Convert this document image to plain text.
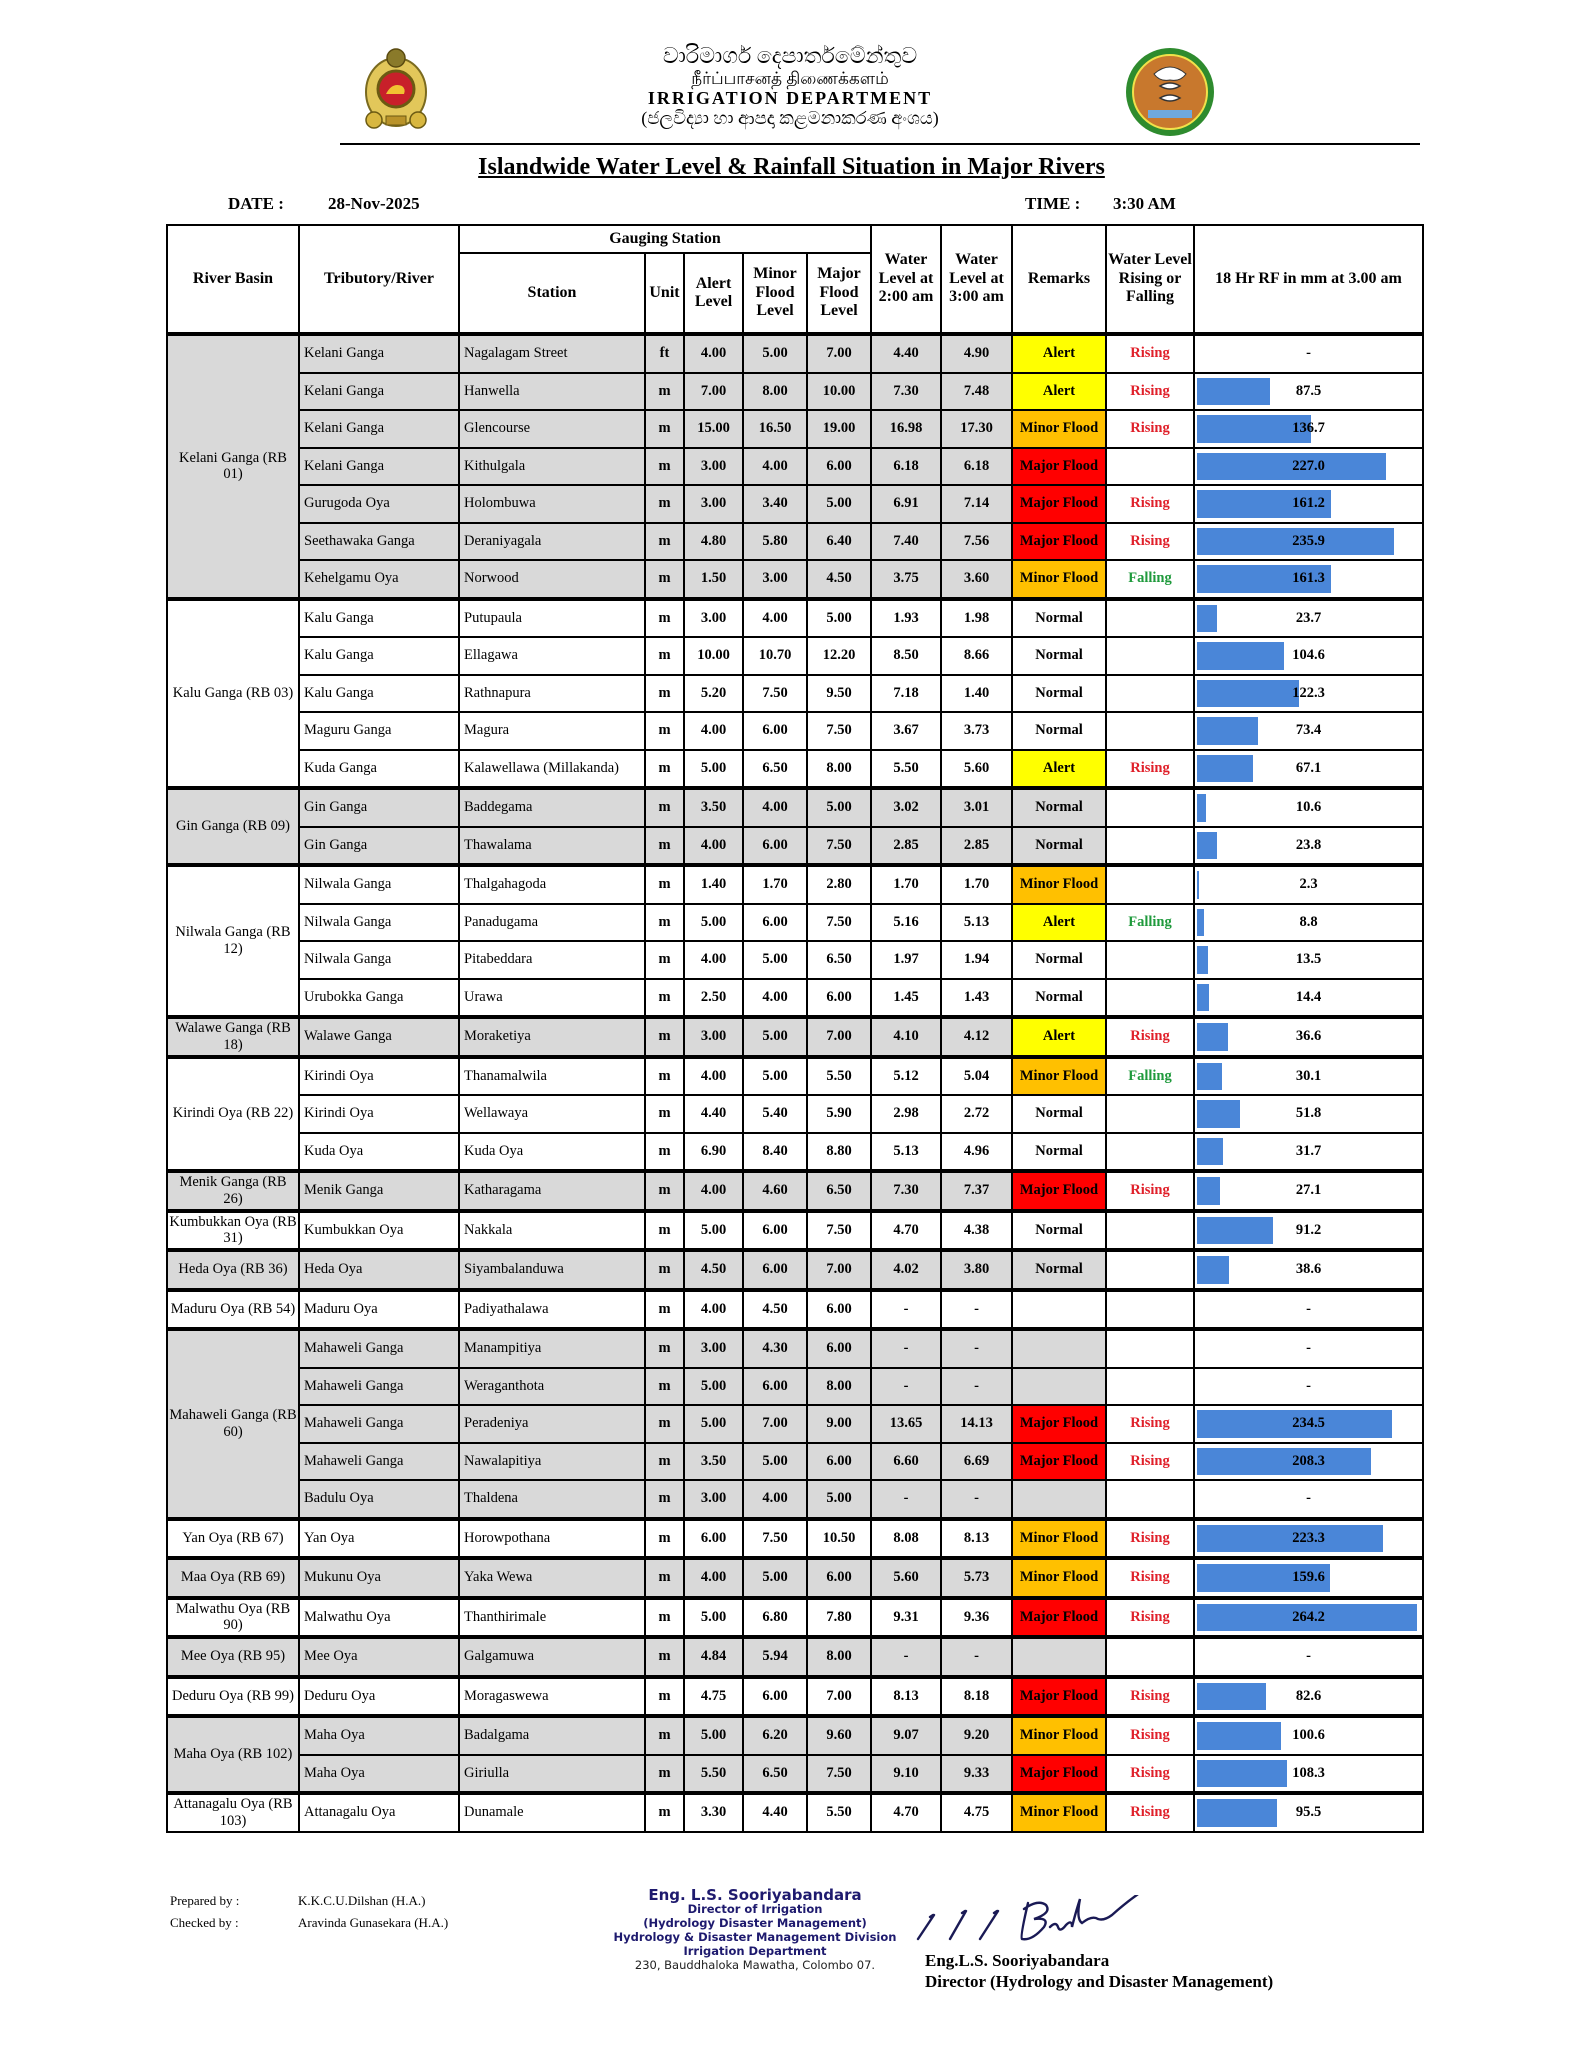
වාරිමාර්ග දෙපාර්තමේන්තුව
நீர்ப்பாசனத் திணைக்களம்
IRRIGATION DEPARTMENT
(ජලවිද්‍යා හා ආපදා කළමනාකරණ අංශය)
Islandwide Water Level & Rainfall Situation in Major Rivers
DATE :	28-Nov-2025	TIME : 3:30 AM
River Basin	Tributory/River	Gauging Station					Water Level at 2:00 am	Water Level at 3:00 am	Remarks	Water Level Rising or Falling	18 Hr RF in mm at 3.00 am
		Station	Unit	Alert Level	Minor Flood Level	Major Flood Level					
Kelani Ganga (RB 01)	Kelani Ganga	Nagalagam Street	ft	4.00	5.00	7.00	4.40	4.90	Alert	Rising	-
	Kelani Ganga	Hanwella	m	7.00	8.00	10.00	7.30	7.48	Alert	Rising	87.5
	Kelani Ganga	Glencourse	m	15.00	16.50	19.00	16.98	17.30	Minor Flood	Rising	136.7
	Kelani Ganga	Kithulgala	m	3.00	4.00	6.00	6.18	6.18	Major Flood		227.0
	Gurugoda Oya	Holombuwa	m	3.00	3.40	5.00	6.91	7.14	Major Flood	Rising	161.2
	Seethawaka Ganga	Deraniyagala	m	4.80	5.80	6.40	7.40	7.56	Major Flood	Rising	235.9
	Kehelgamu Oya	Norwood	m	1.50	3.00	4.50	3.75	3.60	Minor Flood	Falling	161.3
Kalu Ganga (RB 03)	Kalu Ganga	Putupaula	m	3.00	4.00	5.00	1.93	1.98	Normal		23.7
	Kalu Ganga	Ellagawa	m	10.00	10.70	12.20	8.50	8.66	Normal		104.6
	Kalu Ganga	Rathnapura	m	5.20	7.50	9.50	7.18	1.40	Normal		122.3
	Maguru Ganga	Magura	m	4.00	6.00	7.50	3.67	3.73	Normal		73.4
	Kuda Ganga	Kalawellawa (Millakanda)	m	5.00	6.50	8.00	5.50	5.60	Alert	Rising	67.1
Gin Ganga (RB 09)	Gin Ganga	Baddegama	m	3.50	4.00	5.00	3.02	3.01	Normal		10.6
	Gin Ganga	Thawalama	m	4.00	6.00	7.50	2.85	2.85	Normal		23.8
Nilwala Ganga (RB 12)	Nilwala Ganga	Thalgahagoda	m	1.40	1.70	2.80	1.70	1.70	Minor Flood		2.3
	Nilwala Ganga	Panadugama	m	5.00	6.00	7.50	5.16	5.13	Alert	Falling	8.8
	Nilwala Ganga	Pitabeddara	m	4.00	5.00	6.50	1.97	1.94	Normal		13.5
	Urubokka Ganga	Urawa	m	2.50	4.00	6.00	1.45	1.43	Normal		14.4
Walawe Ganga (RB 18)	Walawe Ganga	Moraketiya	m	3.00	5.00	7.00	4.10	4.12	Alert	Rising	36.6
Kirindi Oya (RB 22)	Kirindi Oya	Thanamalwila	m	4.00	5.00	5.50	5.12	5.04	Minor Flood	Falling	30.1
	Kirindi Oya	Wellawaya	m	4.40	5.40	5.90	2.98	2.72	Normal		51.8
	Kuda Oya	Kuda Oya	m	6.90	8.40	8.80	5.13	4.96	Normal		31.7
Menik Ganga (RB 26)	Menik Ganga	Katharagama	m	4.00	4.60	6.50	7.30	7.37	Major Flood	Rising	27.1
Kumbukkan Oya (RB 31)	Kumbukkan Oya	Nakkala	m	5.00	6.00	7.50	4.70	4.38	Normal		91.2
Heda Oya (RB 36)	Heda Oya	Siyambalanduwa	m	4.50	6.00	7.00	4.02	3.80	Normal		38.6
Maduru Oya (RB 54)	Maduru Oya	Padiyathalawa	m	4.00	4.50	6.00	-	-			-
Mahaweli Ganga (RB 60)	Mahaweli Ganga	Manampitiya	m	3.00	4.30	6.00	-	-			-
	Mahaweli Ganga	Weraganthota	m	5.00	6.00	8.00	-	-			-
	Mahaweli Ganga	Peradeniya	m	5.00	7.00	9.00	13.65	14.13	Major Flood	Rising	234.5
	Mahaweli Ganga	Nawalapitiya	m	3.50	5.00	6.00	6.60	6.69	Major Flood	Rising	208.3
	Badulu Oya	Thaldena	m	3.00	4.00	5.00	-	-			-
Yan Oya (RB 67)	Yan Oya	Horowpothana	m	6.00	7.50	10.50	8.08	8.13	Minor Flood	Rising	223.3
Maa Oya (RB 69)	Mukunu Oya	Yaka Wewa	m	4.00	5.00	6.00	5.60	5.73	Minor Flood	Rising	159.6
Malwathu Oya (RB 90)	Malwathu Oya	Thanthirimale	m	5.00	6.80	7.80	9.31	9.36	Major Flood	Rising	264.2
Mee Oya (RB 95)	Mee Oya	Galgamuwa	m	4.84	5.94	8.00	-	-			-
Deduru Oya (RB 99)	Deduru Oya	Moragaswewa	m	4.75	6.00	7.00	8.13	8.18	Major Flood	Rising	82.6
Maha Oya (RB 102)	Maha Oya	Badalgama	m	5.00	6.20	9.60	9.07	9.20	Minor Flood	Rising	100.6
	Maha Oya	Giriulla	m	5.50	6.50	7.50	9.10	9.33	Major Flood	Rising	108.3
Attanagalu Oya (RB 103)	Attanagalu Oya	Dunamale	m	3.30	4.40	5.50	4.70	4.75	Minor Flood	Rising	95.5
Prepared by :	K.K.C.U.Dilshan (H.A.)
Checked by :	Aravinda Gunasekara (H.A.)
Eng. L.S. Sooriyabandara
Director of Irrigation
(Hydrology Disaster Management)
Hydrology & Disaster Management Division
Irrigation Department
230, Bauddhaloka Mawatha, Colombo 07.	Eng.L.S. Sooriyabandara
Director (Hydrology and Disaster Management)
